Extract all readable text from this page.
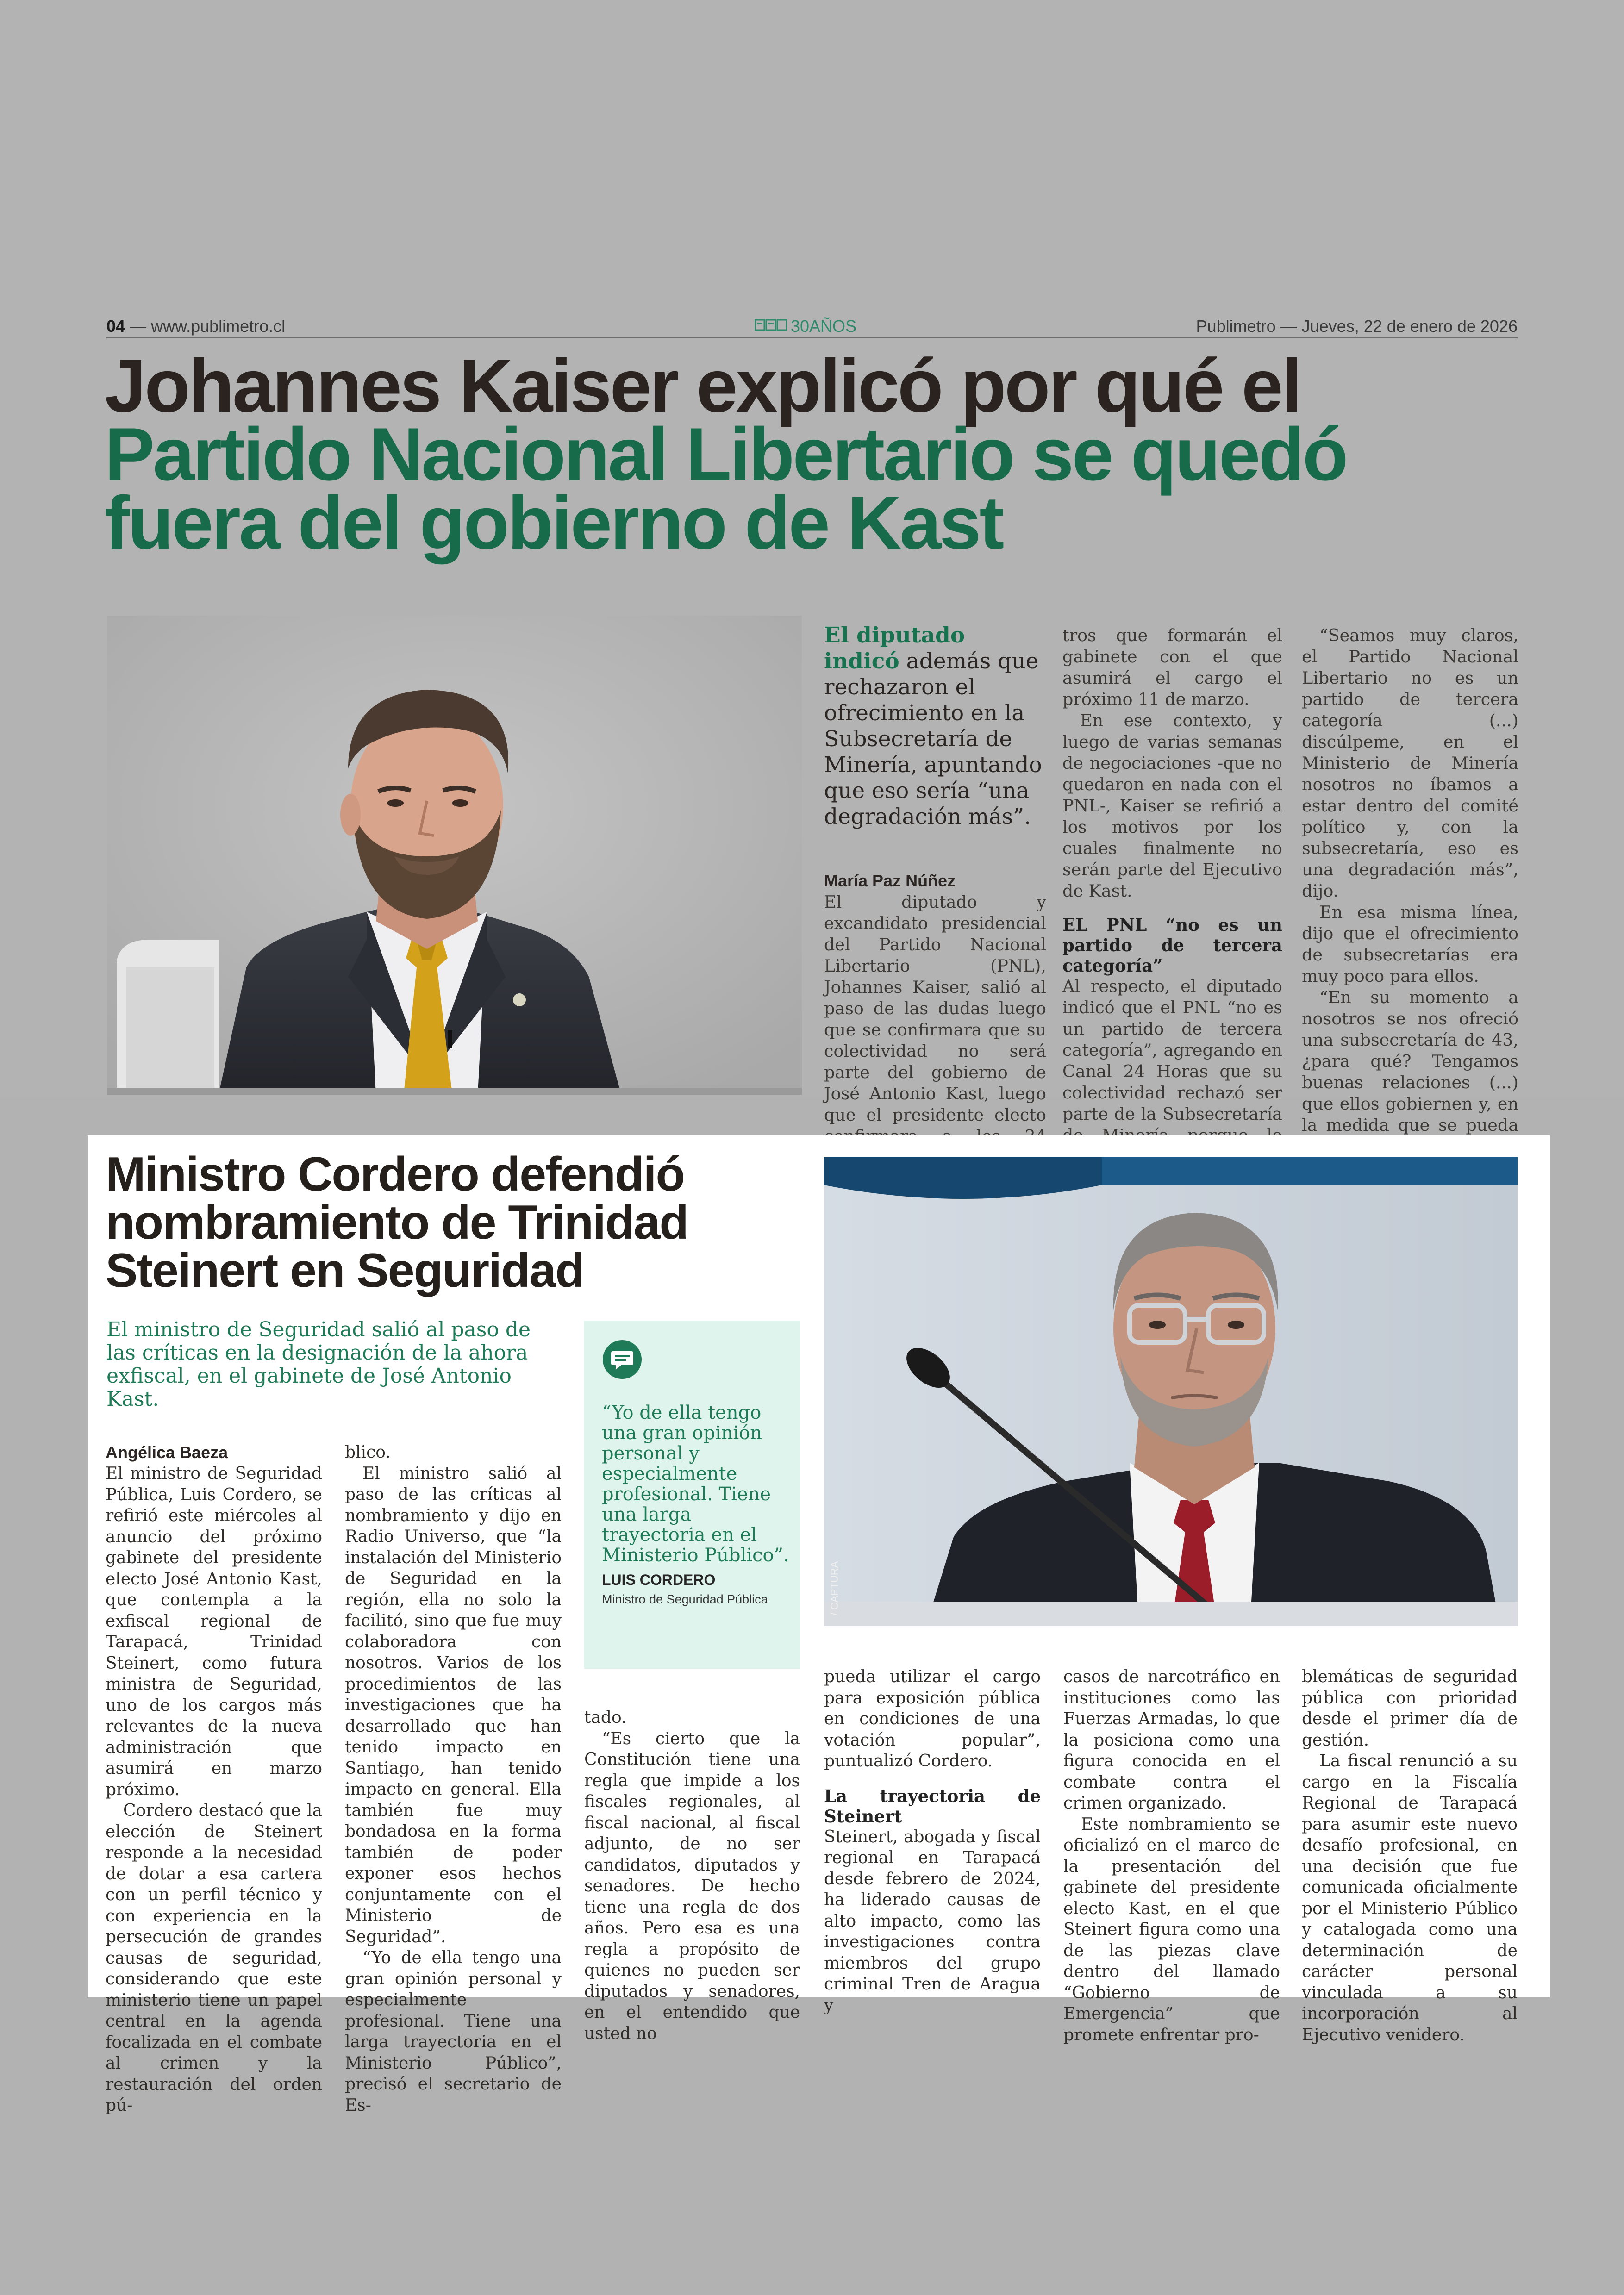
04 — www.publimetro.cl	30AÑOS	Publimetro — Jueves, 22 de enero de 2026
Johannes Kaiser explicó por qué el
Partido Nacional Libertario se quedó
fuera del gobierno de Kast
El diputado indicó además que rechazaron el ofrecimiento en la Subsecretaría de Minería, apuntando que eso sería “una degradación más”.
María Paz Núñez

El diputado y excandidato presidencial del Partido Nacional Libertario (PNL), Johannes Kaiser, salió al paso de las dudas luego que se confirmara que su colectividad no será parte del gobierno de José Antonio Kast, luego que el presidente electo

tros que formarán el gabinete con el que asumirá el cargo el próximo 11 de marzo.

En ese contexto, y luego de varias semanas de negociaciones -que no quedaron en nada con el PNL-, Kaiser se refirió a los motivos por los cuales finalmente no serán parte del Ejecutivo de Kast.

EL PNL “no es un partido de tercera categoría”

Al respecto, el diputado indicó que el PNL “no es un partido de tercera categoría”, agregando en Canal 24 Horas que su colectividad rechazó ser parte de la Subsecretaría

“Seamos muy claros, el Partido Nacional Libertario no es un partido de tercera categoría (...) discúlpeme, en el Ministerio de Minería nosotros no íbamos a estar dentro del comité político y, con la subsecretaría, eso es una degradación más”, dijo.

En esa misma línea, dijo que el ofrecimiento de subsecretarías era muy poco para ellos.

“En su momento a nosotros se nos ofreció una subsecretaría de 43, ¿para qué? Tengamos buenas relaciones (...) que ellos gobiernen y, en la medida que se pueda

Ministro Cordero defendió
nombramiento de Trinidad
Steinert en Seguridad
El ministro de Seguridad salió al paso de las críticas en la designación de la ahora exfiscal, en el gabinete de José Antonio Kast.
“Yo de ella tengo una gran opinión personal y especialmente profesional. Tiene una larga trayectoria en el Ministerio Público”.
LUIS CORDERO
Ministro de Seguridad Pública	/ CAPTURA
Angélica Baeza

El ministro de Seguridad Pública, Luis Cordero, se refirió este miércoles al anuncio del próximo gabinete del presidente electo José Antonio Kast, que contempla a la exfiscal regional de Tarapacá, Trinidad Steinert, como futura ministra de Seguridad, uno de los cargos más relevantes de la nueva administración que asumirá en marzo próximo.

Cordero destacó que la elección de Steinert responde a la necesidad de dotar a esa cartera con un perfil técnico y con experiencia en la persecución de grandes causas de seguridad, considerando que este ministerio tiene un papel central en la agenda focalizada en el combate al crimen y la restauración del orden pú-

blico.

El ministro salió al paso de las críticas al nombramiento y dijo en Radio Universo, que “la instalación del Ministerio de Seguridad en la región, ella no solo la facilitó, sino que fue muy colaboradora con nosotros. Varios de los procedimientos de las investigaciones que ha desarrollado que han tenido impacto en Santiago, han tenido impacto en general. Ella también fue muy bondadosa en la forma también de poder exponer esos hechos conjuntamente con el Ministerio de Seguridad”.

“Yo de ella tengo una gran opinión personal y especialmente profesional. Tiene una larga trayectoria en el Ministerio Público”, precisó el secretario de Es-

tado.

“Es cierto que la Constitución tiene una regla que impide a los fiscales regionales, al fiscal nacional, al fiscal adjunto, de no ser candidatos, diputados y senadores. De hecho tiene una regla de dos años. Pero esa es una regla a propósito de quienes no pueden ser diputados y senadores, en el entendido que usted no

pueda utilizar el cargo para exposición pública en condiciones de una votación popular”, puntualizó Cordero.

La trayectoria de Steinert

Steinert, abogada y fiscal regional en Tarapacá desde febrero de 2024, ha liderado causas de alto impacto, como las investigaciones contra miembros del grupo criminal Tren de Aragua y

casos de narcotráfico en instituciones como las Fuerzas Armadas, lo que la posiciona como una figura conocida en el combate contra el crimen organizado.

Este nombramiento se oficializó en el marco de la presentación del gabinete del presidente electo Kast, en el que Steinert figura como una de las piezas clave dentro del llamado “Gobierno de Emergencia” que promete enfrentar pro-

blemáticas de seguridad pública con prioridad desde el primer día de gestión.

La fiscal renunció a su cargo en la Fiscalía Regional de Tarapacá para asumir este nuevo desafío profesional, en una decisión que fue comunicada oficialmente por el Ministerio Público y catalogada como una determinación de carácter personal vinculada a su incorporación al Ejecutivo venidero.
